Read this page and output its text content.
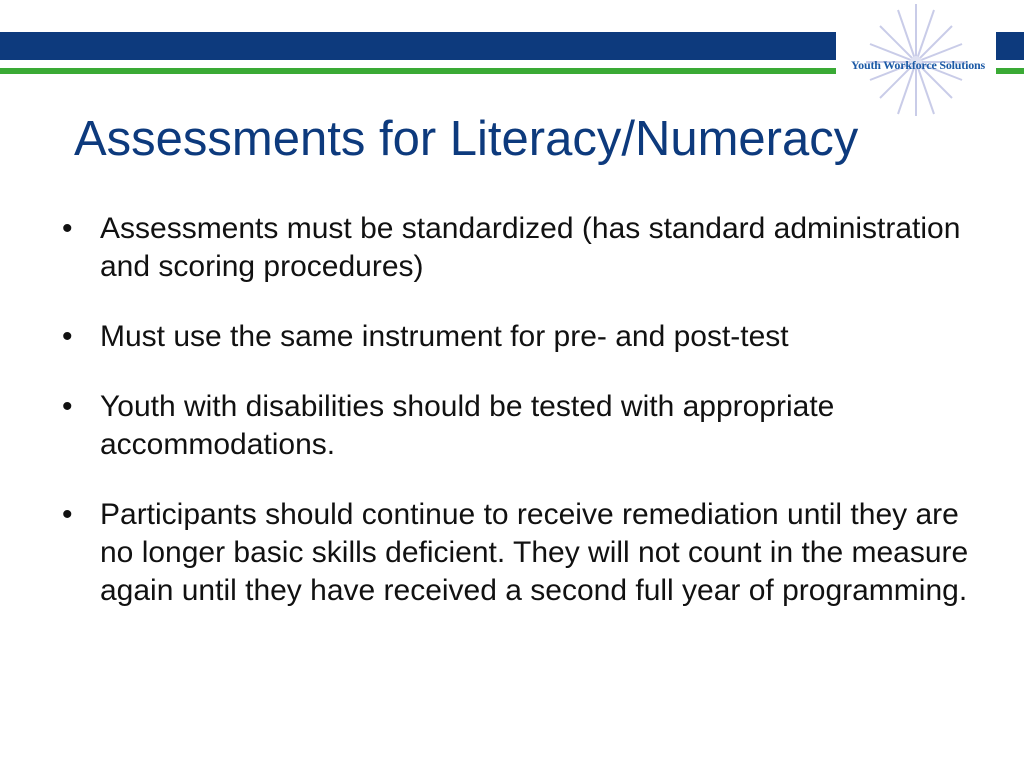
Youth Workforce Solutions
Assessments for Literacy/Numeracy
• Assessments must be standardized (has standard administration and scoring procedures)
• Must use the same instrument for pre- and post-test
• Youth with disabilities should be tested with appropriate accommodations.
• Participants should continue to receive remediation until they are no longer basic skills deficient. They will not count in the measure again until they have received a second full year of programming.
